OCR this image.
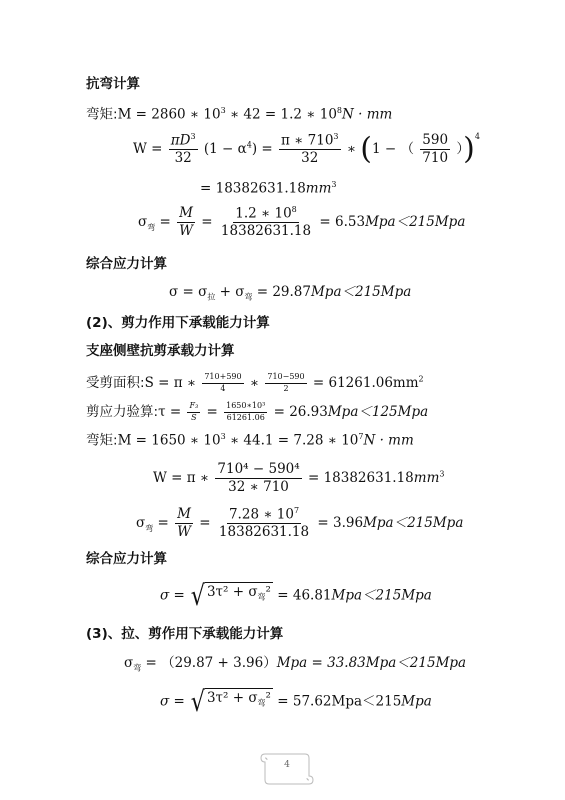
抗弯计算
弯矩:M = 2860 ∗ $10^3$ ∗ 42 = 1.2 ∗ $10^8N$ · mm
$W = \frac{\pi D^3}{32} (1 - \alpha^4) = \frac{\pi ∗ 710^3}{32}$ ∗ (1 − （ $\frac{590}{710} ))^4$
= $18382631.18mm^3$
$\sigma_弯 = \frac{M}{W} = \frac{1.2 ∗ 10^8}{18382631.18} = 6.53Mpa<215Mpa$
综合应力计算
$\sigma = \sigma_拉 + \sigma_弯 = 29.87Mpa<215Mpa$
(2)、剪力作用下承载能力计算
支座侧壁抗剪承载力计算
受剪面积:S = π ∗ $\frac{710+590}{4}$ ∗ $\frac{710-590}{2} = 61261.06mm^2$
剪应力验算:τ = $\frac{\text{F₃}}{S} = \frac{\text{1650∗10³}}{61261.06} = 26.93Mpa<125Mpa$
弯矩:M = 1650 ∗ $10^3$ ∗ 44.1 = 7.28 ∗ $10^7N$ · mm
W = π ∗ $\frac{\text{710⁴ − 590⁴}}{32 ∗ 710} = 18382631.18mm^3$
$\sigma_弯 = \frac{M}{W} = \frac{7.28 ∗ 10^7}{18382631.18} = 3.96Mpa<215Mpa$
综合应力计算
σ = √ $3\tau^2 + \sigma_弯^2 = 46.81Mpa<215Mpa$
(3)、拉、剪作用下承载能力计算
$\sigma_弯 = (29.87 + 3.96)Mpa = 33.83Mpa<215Mpa$
σ = √ $3\tau^2 + \sigma_弯^2 = 57.62Mpa<215Mpa$
4
